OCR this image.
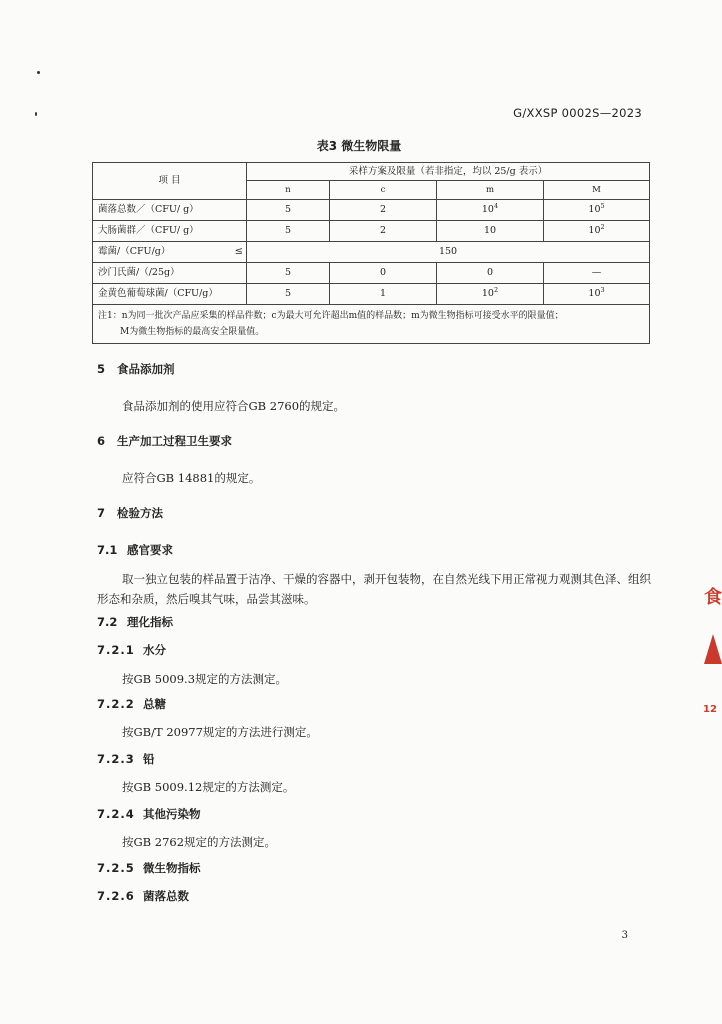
G/XXSP 0002S—2023
表3 微生物限量
项 目	采样方案及限量（若非指定，均以 25/g 表示）			
	n	c	m	M
菌落总数／（CFU/ g）	5	2	$10^4$	$10^5$
大肠菌群／（CFU/ g）	5	2	10	$10^2$
霉菌/（CFU/g） ≤	150			
沙门氏菌/（/25g）	5	0	0	—
金黄色葡萄球菌/（CFU/g）	5	1	$10^2$	$10^3$

注1：n为同一批次产品应采集的样品件数；c为最大可允许超出m值的样品数；m为微生物指标可接受水平的限量值；
M为微生物指标的最高安全限量值。				
5 食品添加剂
食品添加剂的使用应符合GB 2760的规定。
6 生产加工过程卫生要求
应符合GB 14881的规定。
7 检验方法
7.1 感官要求
取一独立包装的样品置于洁净、干燥的容器中，剥开包装物，在自然光线下用正常视力观测其色泽、组织形态和杂质，然后嗅其气味，品尝其滋味。
7.2 理化指标
7.2.1 水分
按GB 5009.3规定的方法测定。
7.2.2 总糖
按GB/T 20977规定的方法进行测定。
7.2.3 铅
按GB 5009.12规定的方法测定。
7.2.4 其他污染物
按GB 2762规定的方法测定。
7.2.5 微生物指标
7.2.6 菌落总数
食
12
3
